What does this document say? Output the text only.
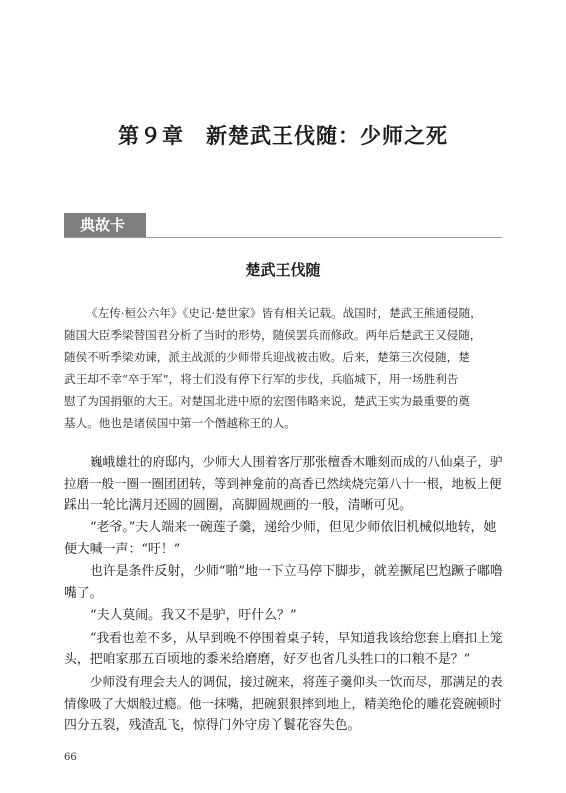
第９章　新楚武王伐随：少师之死
典故卡
楚武王伐随
《左传·桓公六年》《史记·楚世家》皆有相关记载。战国时，楚武王熊通侵随，
随国大臣季梁替国君分析了当时的形势，随侯罢兵而修政。两年后楚武王又侵随，
随侯不听季梁劝谏，派主战派的少师带兵迎战被击败。后来，楚第三次侵随，楚
武王却不幸“卒于军”，将士们没有停下行军的步伐，兵临城下，用一场胜利告
慰了为国捐躯的大王。对楚国北进中原的宏图伟略来说，楚武王实为最重要的奠
基人。他也是诸侯国中第一个僭越称王的人。
巍峨雄壮的府邸内，少师大人围着客厅那张檀香木雕刻而成的八仙桌子，驴
拉磨一般一圈一圈团团转，等到神龛前的高香已然续烧完第八十一根，地板上便
踩出一轮比满月还圆的圆圈，高脚圆规画的一般，清晰可见。
“老爷。”夫人端来一碗莲子羹，递给少师，但见少师依旧机械似地转，她
便大喊一声：“吁！”
也许是条件反射，少师“啪”地一下立马停下脚步，就差撅尾巴尥蹶子嘟噜
嘴了。
“夫人莫闹。我又不是驴，吁什么？”
“我看也差不多，从早到晚不停围着桌子转，早知道我该给您套上磨扣上笼
头，把咱家那五百顷地的黍米给磨磨，好歹也省几头牲口的口粮不是？”
少师没有理会夫人的调侃，接过碗来，将莲子羹仰头一饮而尽，那满足的表
情像吸了大烟般过瘾。他一抹嘴，把碗狠狠摔到地上，精美绝伦的雕花瓷碗顿时
四分五裂，残渣乱飞，惊得门外守房丫鬟花容失色。
66
